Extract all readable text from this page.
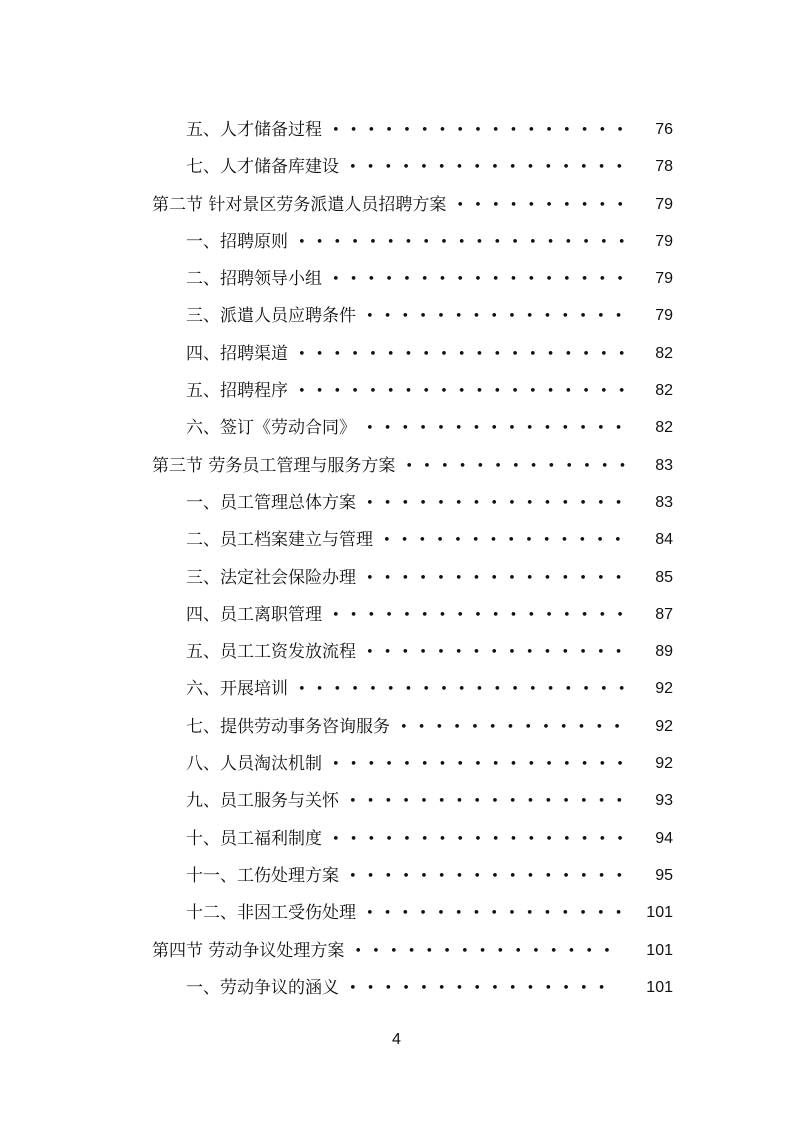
•••••••••••••••••
五、人才储备过程	76
••••••••••••••••
七、人才储备库建设	78
••••••••••
第二节 针对景区劳务派遣人员招聘方案	79
•••••••••••••••••••
一、招聘原则	79
•••••••••••••••••
二、招聘领导小组	79
•••••••••••••••
三、派遣人员应聘条件	79
•••••••••••••••••••
四、招聘渠道	82
•••••••••••••••••••
五、招聘程序	82
•••••••••••••••
六、签订《劳动合同》	82
•••••••••••••
第三节 劳务员工管理与服务方案	83
•••••••••••••••
一、员工管理总体方案	83
••••••••••••••
二、员工档案建立与管理	84
•••••••••••••••
三、法定社会保险办理	85
•••••••••••••••••
四、员工离职管理	87
•••••••••••••••
五、员工工资发放流程	89
•••••••••••••••••••
六、开展培训	92
•••••••••••••
七、提供劳动事务咨询服务	92
•••••••••••••••••
八、人员淘汰机制	92
••••••••••••••••
九、员工服务与关怀	93
•••••••••••••••••
十、员工福利制度	94
••••••••••••••••
十一、工伤处理方案	95
•••••••••••••••
十二、非因工受伤处理	101
•••••••••••••••
第四节 劳动争议处理方案	101
•••••••••••••••
一、劳动争议的涵义	101
4
